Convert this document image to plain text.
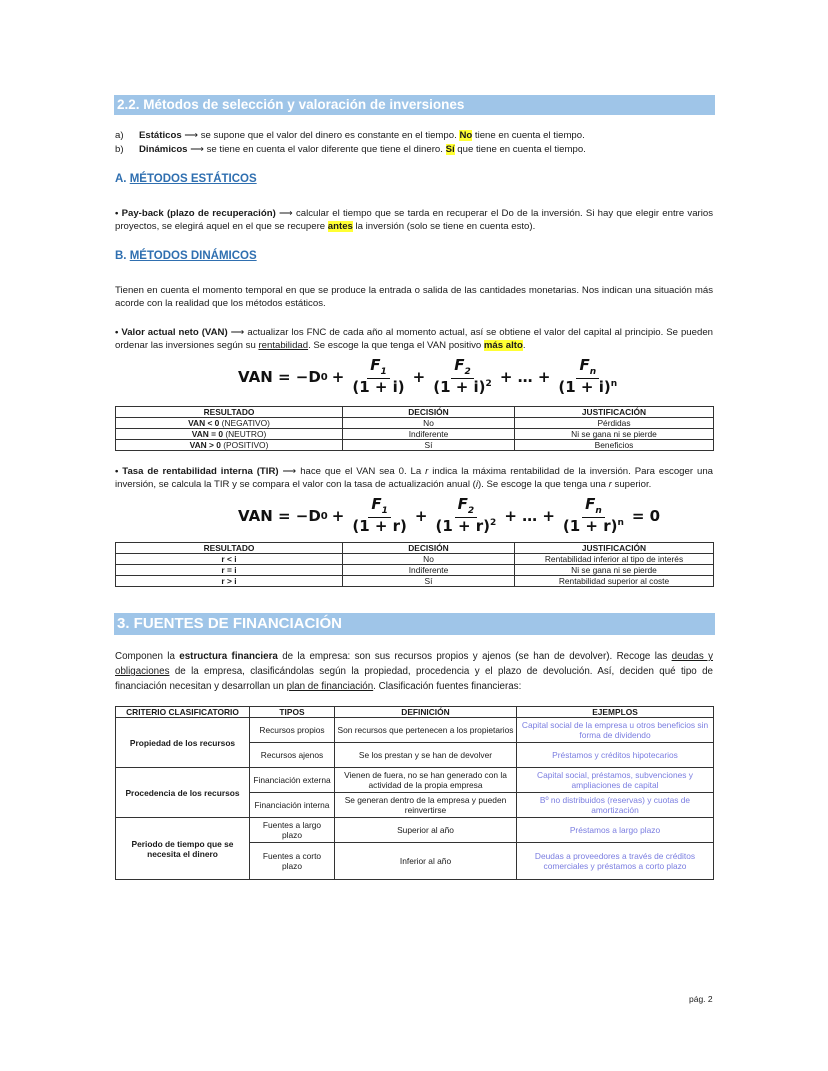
2.2. Métodos de selección y valoración de inversiones
a) Estáticos ⟶ se supone que el valor del dinero es constante en el tiempo. No tiene en cuenta el tiempo.
b) Dinámicos ⟶ se tiene en cuenta el valor diferente que tiene el dinero. Sí que tiene en cuenta el tiempo.
A. MÉTODOS ESTÁTICOS
• Pay-back (plazo de recuperación) ⟶ calcular el tiempo que se tarda en recuperar el Do de la inversión. Si hay que elegir entre varios proyectos, se elegirá aquel en el que se recupere antes la inversión (solo se tiene en cuenta esto).
B. MÉTODOS DINÁMICOS
Tienen en cuenta el momento temporal en que se produce la entrada o salida de las cantidades monetarias. Nos indican una situación más acorde con la realidad que los métodos estáticos.
• Valor actual neto (VAN) ⟶ actualizar los FNC de cada año al momento actual, así se obtiene el valor del capital al principio. Se pueden ordenar las inversiones según su rentabilidad. Se escoge la que tenga el VAN positivo más alto.
VAN = −D $0 + \frac{F_1}{(1 + i)} + \frac{F_2}{(1 + i)^2}$ + … + $\frac{F_n}{(1 + i)^n}$
RESULTADO	DECISIÓN	JUSTIFICACIÓN
VAN < 0 (NEGATIVO)	No	Pérdidas
VAN = 0 (NEUTRO)	Indiferente	Ni se gana ni se pierde
VAN > 0 (POSITIVO)	Sí	Beneficios
• Tasa de rentabilidad interna (TIR) ⟶ hace que el VAN sea 0. La r indica la máxima rentabilidad de la inversión. Para escoger una inversión, se calcula la TIR y se compara el valor con la tasa de actualización anual (i). Se escoge la que tenga una r superior.
VAN = −D $0 + \frac{F_1}{(1 + r)} + \frac{F_2}{(1 + r)^2}$ + … + $\frac{F_n}{(1 + r)^n} = 0$
RESULTADO	DECISIÓN	JUSTIFICACIÓN
r < i	No	Rentabilidad inferior al tipo de interés
r = i	Indiferente	Ni se gana ni se pierde
r > i	Sí	Rentabilidad superior al coste
3. FUENTES DE FINANCIACIÓN
Componen la estructura financiera de la empresa: son sus recursos propios y ajenos (se han de devolver). Recoge las deudas y obligaciones de la empresa, clasificándolas según la propiedad, procedencia y el plazo de devolución. Así, deciden qué tipo de financiación necesitan y desarrollan un plan de financiación. Clasificación fuentes financieras:
CRITERIO CLASIFICATORIO	TIPOS	DEFINICIÓN	EJEMPLOS
Propiedad de los recursos	Recursos propios	Son recursos que pertenecen a los propietarios	Capital social de la empresa u otros beneficios sin forma de dividendo
	Recursos ajenos	Se los prestan y se han de devolver	Préstamos y créditos hipotecarios
Procedencia de los recursos	Financiación externa	Vienen de fuera, no se han generado con la actividad de la propia empresa	Capital social, préstamos, subvenciones y ampliaciones de capital
	Financiación interna	Se generan dentro de la empresa y pueden reinvertirse	Bº no distribuidos (reservas) y cuotas de amortización
Periodo de tiempo que se necesita el dinero	Fuentes a largo plazo	Superior al año	Préstamos a largo plazo
	Fuentes a corto plazo	Inferior al año	Deudas a proveedores a través de créditos comerciales y préstamos a corto plazo
pág. 2
